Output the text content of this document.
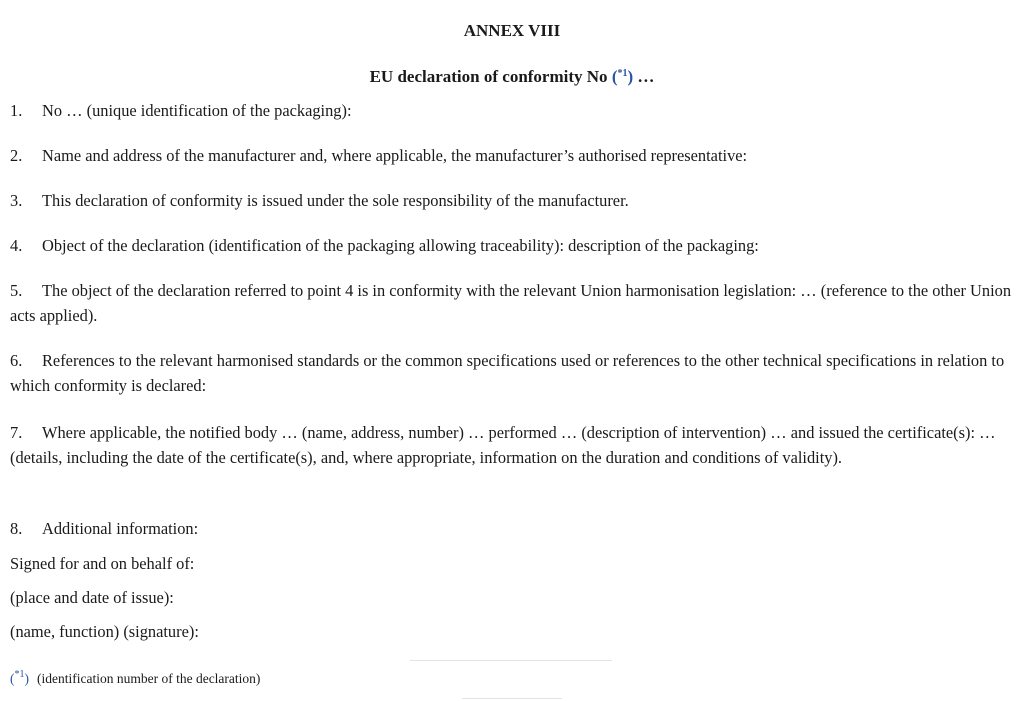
ANNEX VIII

EU declaration of conformity No ($^{*1}$) …

1. No … (unique identification of the packaging):

2. Name and address of the manufacturer and, where applicable, the manufacturer’s authorised representative:

3. This declaration of conformity is issued under the sole responsibility of the manufacturer.

4. Object of the declaration (identification of the packaging allowing traceability): description of the packaging:

5. The object of the declaration referred to point 4 is in conformity with the relevant Union harmonisation legislation: … (reference to the other Union acts applied).

6. References to the relevant harmonised standards or the common specifications used or references to the other technical specifications in relation to which conformity is declared:

7. Where applicable, the notified body … (name, address, number) … performed … (description of intervention) … and issued the certificate(s): … (details, including the date of the certificate(s), and, where appropriate, information on the duration and conditions of validity).

8. Additional information:

Signed for and on behalf of:

(place and date of issue):

(name, function) (signature):

($^{*1}$) (identification number of the declaration)
